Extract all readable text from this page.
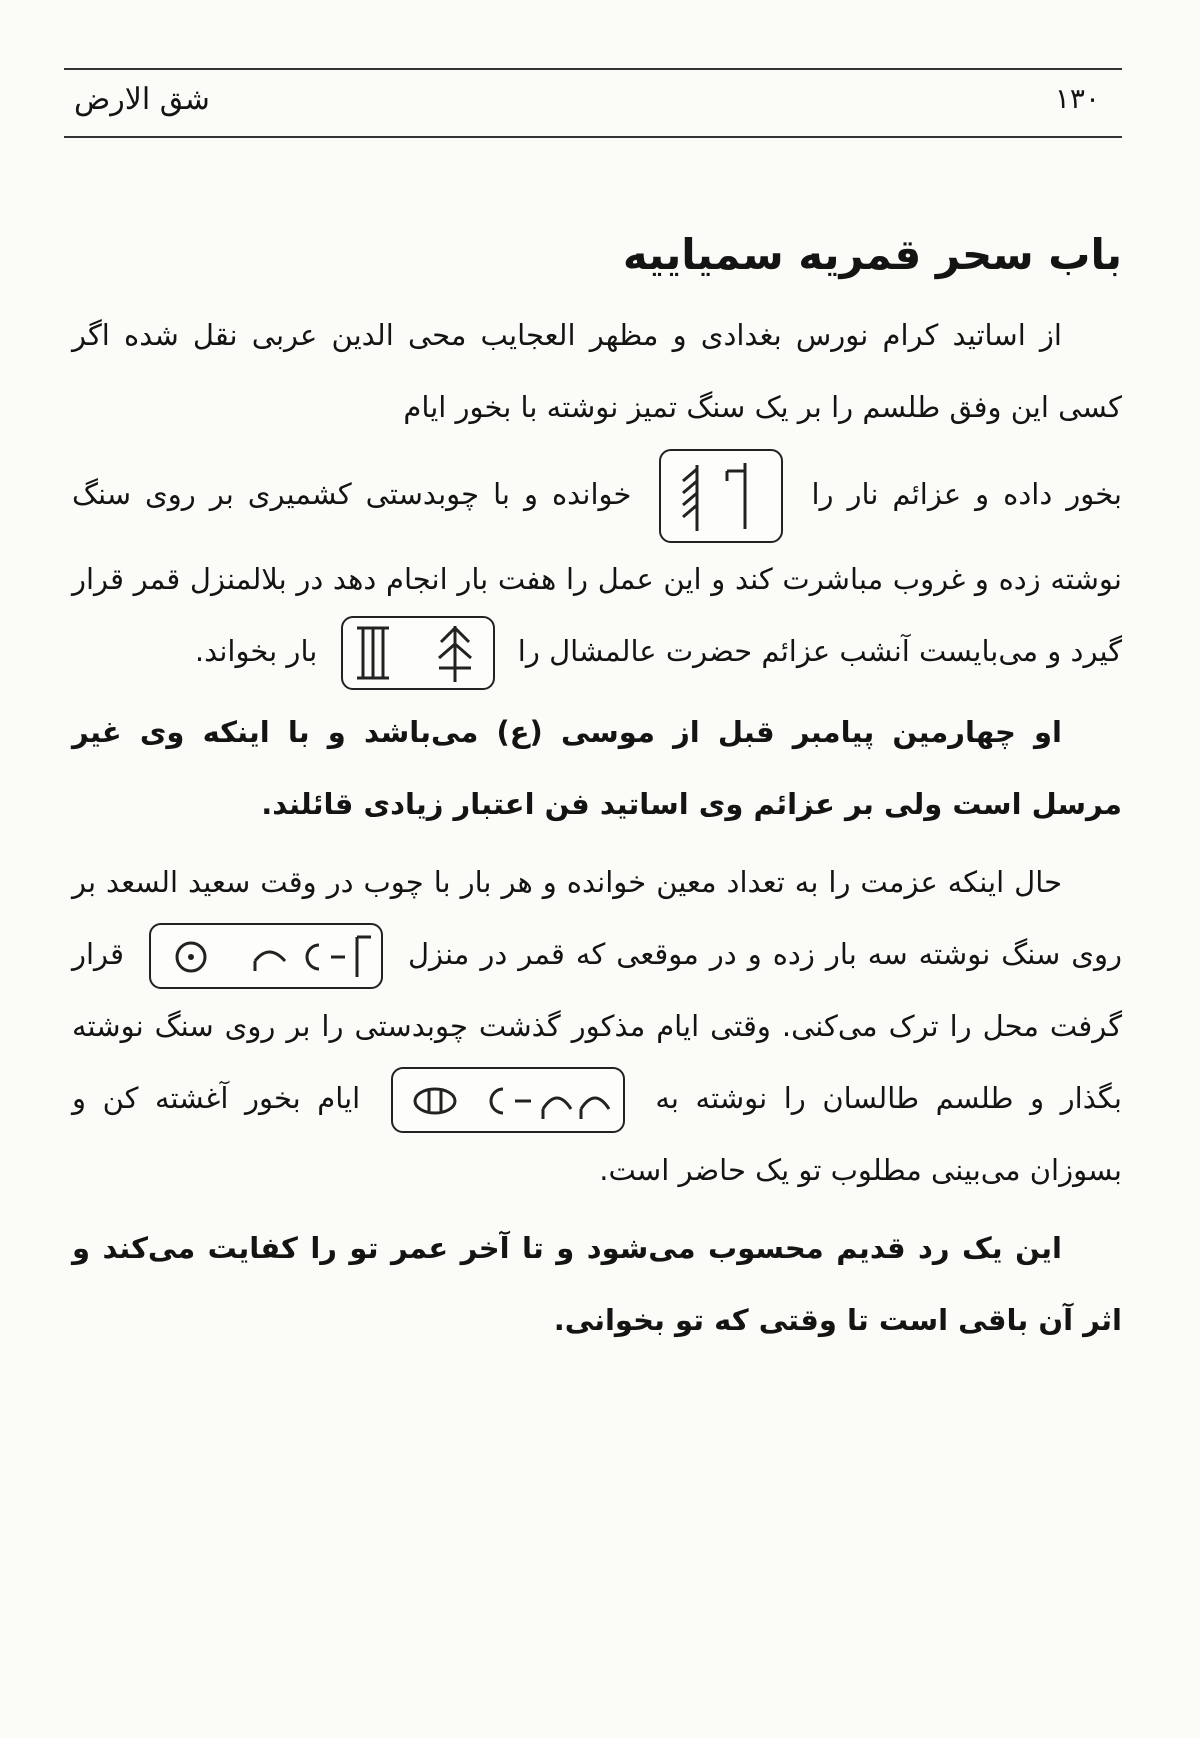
۱۳۰
شق الارض
باب سحر قمریه سمیاییه

از اساتید کرام نورس بغدادی و مظهر العجایب محی الدین عربی نقل شده اگر کسی این وفق طلسم را بر یک سنگ تمیز نوشته با بخور ایام

بخور داده و عزائم نار را
خوانده و با چوبدستی کشمیری بر روی سنگ نوشته زده و غروب مباشرت کند و این عمل را هفت بار انجام دهد در بلالمنزل قمر قرار گیرد و می‌بایست آنشب عزائم حضرت عالمشال را
بار بخواند.

او چهارمین پیامبر قبل از موسی (ع) می‌باشد و با اینکه وی غیر مرسل است ولی بر عزائم وی اساتید فن اعتبار زیادی قائلند.

حال اینکه عزمت را به تعداد معین خوانده و هر بار با چوب در وقت سعید السعد بر روی سنگ نوشته سه بار زده و در موقعی که قمر در منزل
قرار گرفت محل را ترک می‌کنی. وقتی ایام مذکور گذشت چوبدستی را بر روی سنگ نوشته بگذار و طلسم طالسان را نوشته به
ایام بخور آغشته کن و بسوزان می‌بینی مطلوب تو یک حاضر است.

این یک رد قدیم محسوب می‌شود و تا آخر عمر تو را کفایت می‌کند و اثر آن باقی است تا وقتی که تو بخوانی.
